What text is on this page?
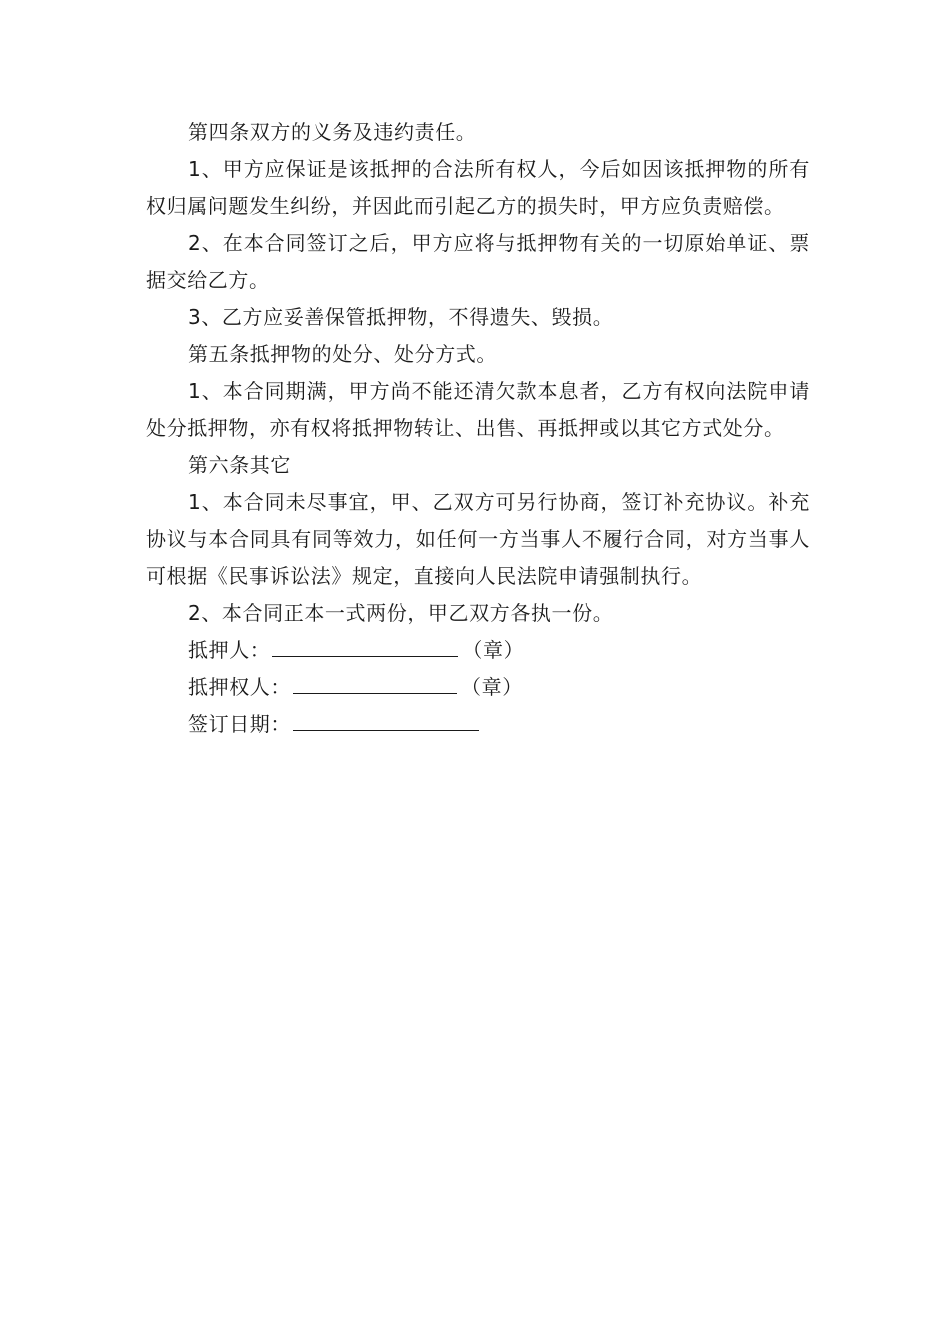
第四条双方的义务及违约责任。

1、甲方应保证是该抵押的合法所有权人，今后如因该抵押物的所有权归属问题发生纠纷，并因此而引起乙方的损失时，甲方应负责赔偿。

2、在本合同签订之后，甲方应将与抵押物有关的一切原始单证、票据交给乙方。

3、乙方应妥善保管抵押物，不得遗失、毁损。

第五条抵押物的处分、处分方式。

1、本合同期满，甲方尚不能还清欠款本息者，乙方有权向法院申请处分抵押物，亦有权将抵押物转让、出售、再抵押或以其它方式处分。

第六条其它

1、本合同未尽事宜，甲、乙双方可另行协商，签订补充协议。补充协议与本合同具有同等效力，如任何一方当事人不履行合同，对方当事人可根据《民事诉讼法》规定，直接向人民法院申请强制执行。

2、本合同正本一式两份，甲乙双方各执一份。

抵押人：	（章）

抵押权人：	（章）

签订日期：
